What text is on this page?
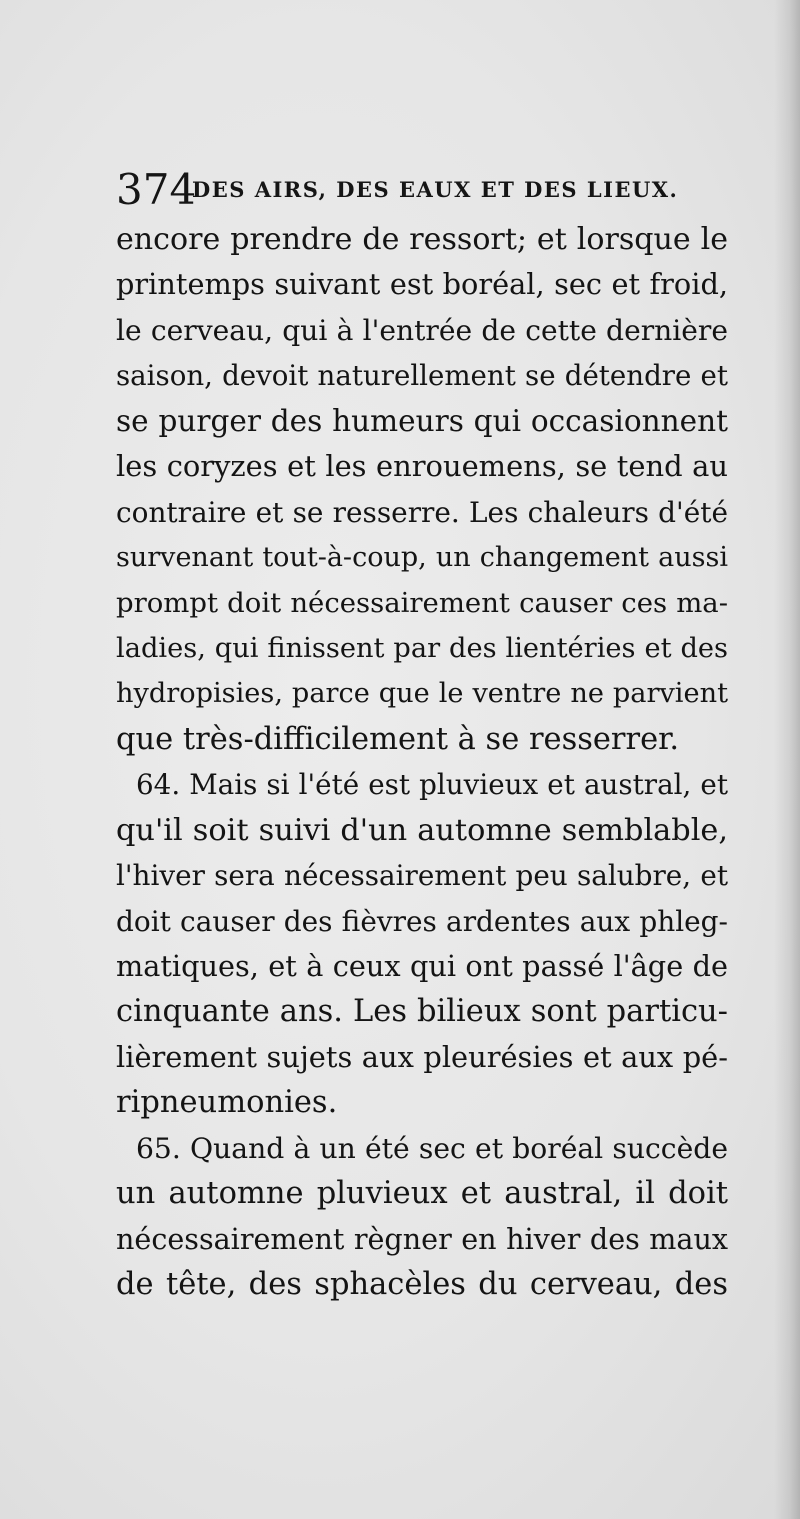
374
DES AIRS, DES EAUX ET DES LIEUX.
encore prendre de ressort; et lorsque le
printemps suivant est boréal, sec et froid,
le cerveau, qui à l'entrée de cette dernière
saison, devoit naturellement se détendre et
se purger des humeurs qui occasionnent
les coryzes et les enrouemens, se tend au
contraire et se resserre. Les chaleurs d'été
survenant tout-à-coup, un changement aussi
prompt doit nécessairement causer ces ma-
ladies, qui finissent par des lientéries et des
hydropisies, parce que le ventre ne parvient
que très-difficilement à se resserrer.
64. Mais si l'été est pluvieux et austral, et
qu'il soit suivi d'un automne semblable,
l'hiver sera nécessairement peu salubre, et
doit causer des fièvres ardentes aux phleg-
matiques, et à ceux qui ont passé l'âge de
cinquante ans. Les bilieux sont particu-
lièrement sujets aux pleurésies et aux pé-
ripneumonies.
65. Quand à un été sec et boréal succède
un automne pluvieux et austral, il doit
nécessairement règner en hiver des maux
de tête, des sphacèles du cerveau, des
